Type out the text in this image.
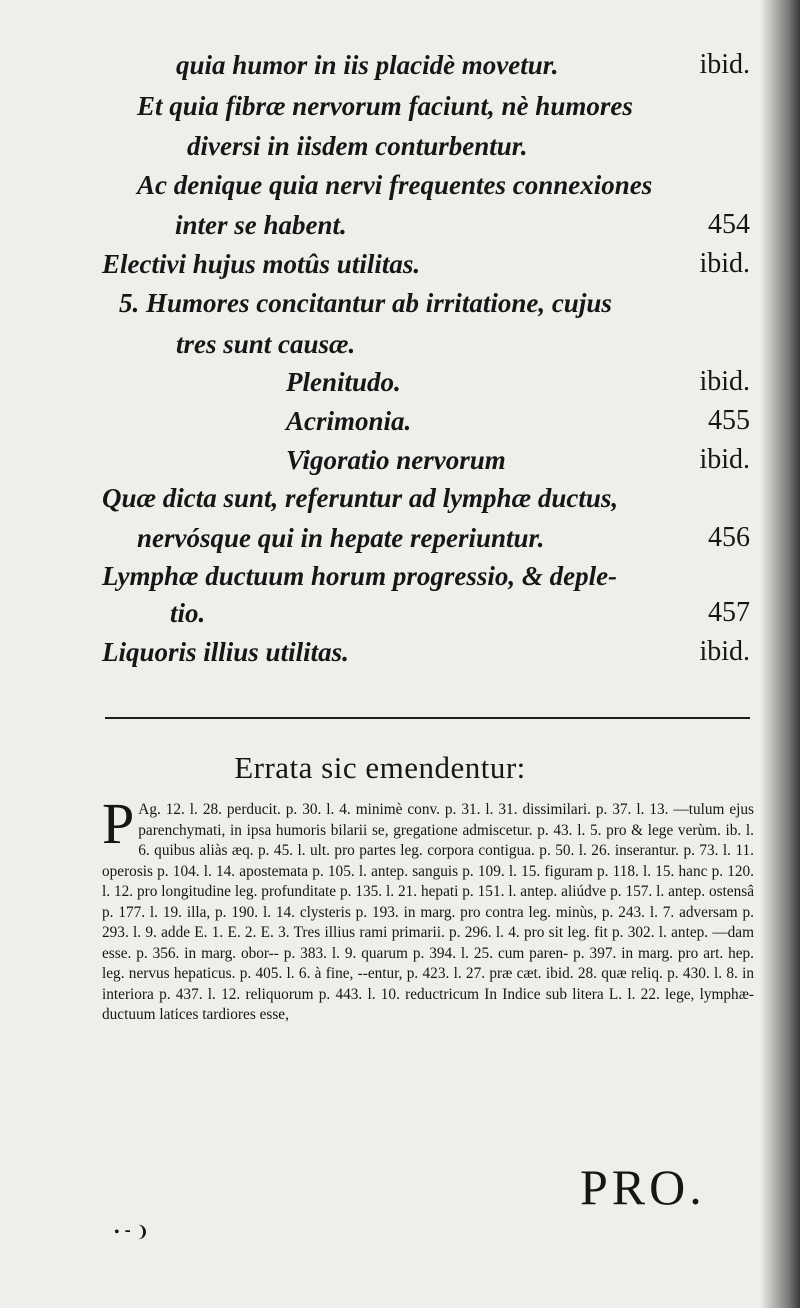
quia humor in iis placidè movetur.	ibid.
Et quia fibræ nervorum faciunt, nè humores
diversi in iisdem conturbentur.
Ac denique quia nervi frequentes connexiones
inter se habent.	454
Electivi hujus motûs utilitas.	ibid.
5. Humores concitantur ab irritatione, cujus
tres sunt causæ.
Plenitudo.	ibid.
Acrimonia.	455
Vigoratio nervorum	ibid.
Quæ dicta sunt, referuntur ad lymphæ ductus,
nervósque qui in hepate reperiuntur.	456
Lymphæ ductuum horum progressio, & deple-
tio.	457
Liquoris illius utilitas.	ibid.
Errata sic emendentur:
P Ag. 12. l. 28. perducit. p. 30. l. 4. minimè conv. p. 31. l. 31. dissimilari. p. 37. l. 13. —tulum ejus parenchymati, in ipsa humoris bilarii se, gregatione admiscetur. p. 43. l. 5. pro & lege verùm. ib. l. 6. quibus aliàs æq. p. 45. l. ult. pro partes leg. corpora contigua. p. 50. l. 26. inserantur. p. 73. l. 11. operosis p. 104. l. 14. apostemata p. 105. l. antep. sanguis p. 109. l. 15. figuram p. 118. l. 15. hanc p. 120. l. 12. pro longitudine leg. profunditate p. 135. l. 21. hepati p. 151. l. antep. aliúdve p. 157. l. antep. ostensâ p. 177. l. 19. illa, p. 190. l. 14. clysteris p. 193. in marg. pro contra leg. minùs, p. 243. l. 7. adversam p. 293. l. 9. adde E. 1. E. 2. E. 3. Tres illius rami primarii. p. 296. l. 4. pro sit leg. fit p. 302. l. antep. —dam esse. p. 356. in marg. obor-- p. 383. l. 9. quarum p. 394. l. 25. cum paren- p. 397. in marg. pro art. hep. leg. nervus hepaticus. p. 405. l. 6. à fine, --entur, p. 423. l. 27. præ cæt. ibid. 28. quæ reliq. p. 430. l. 8. in interiora p. 437. l. 12. reliquorum p. 443. l. 10. reductricum In Indice sub litera L. l. 22. lege, lymphæ-ductuum latices tardiores esse,
PRO.
• ⁃ ❩
